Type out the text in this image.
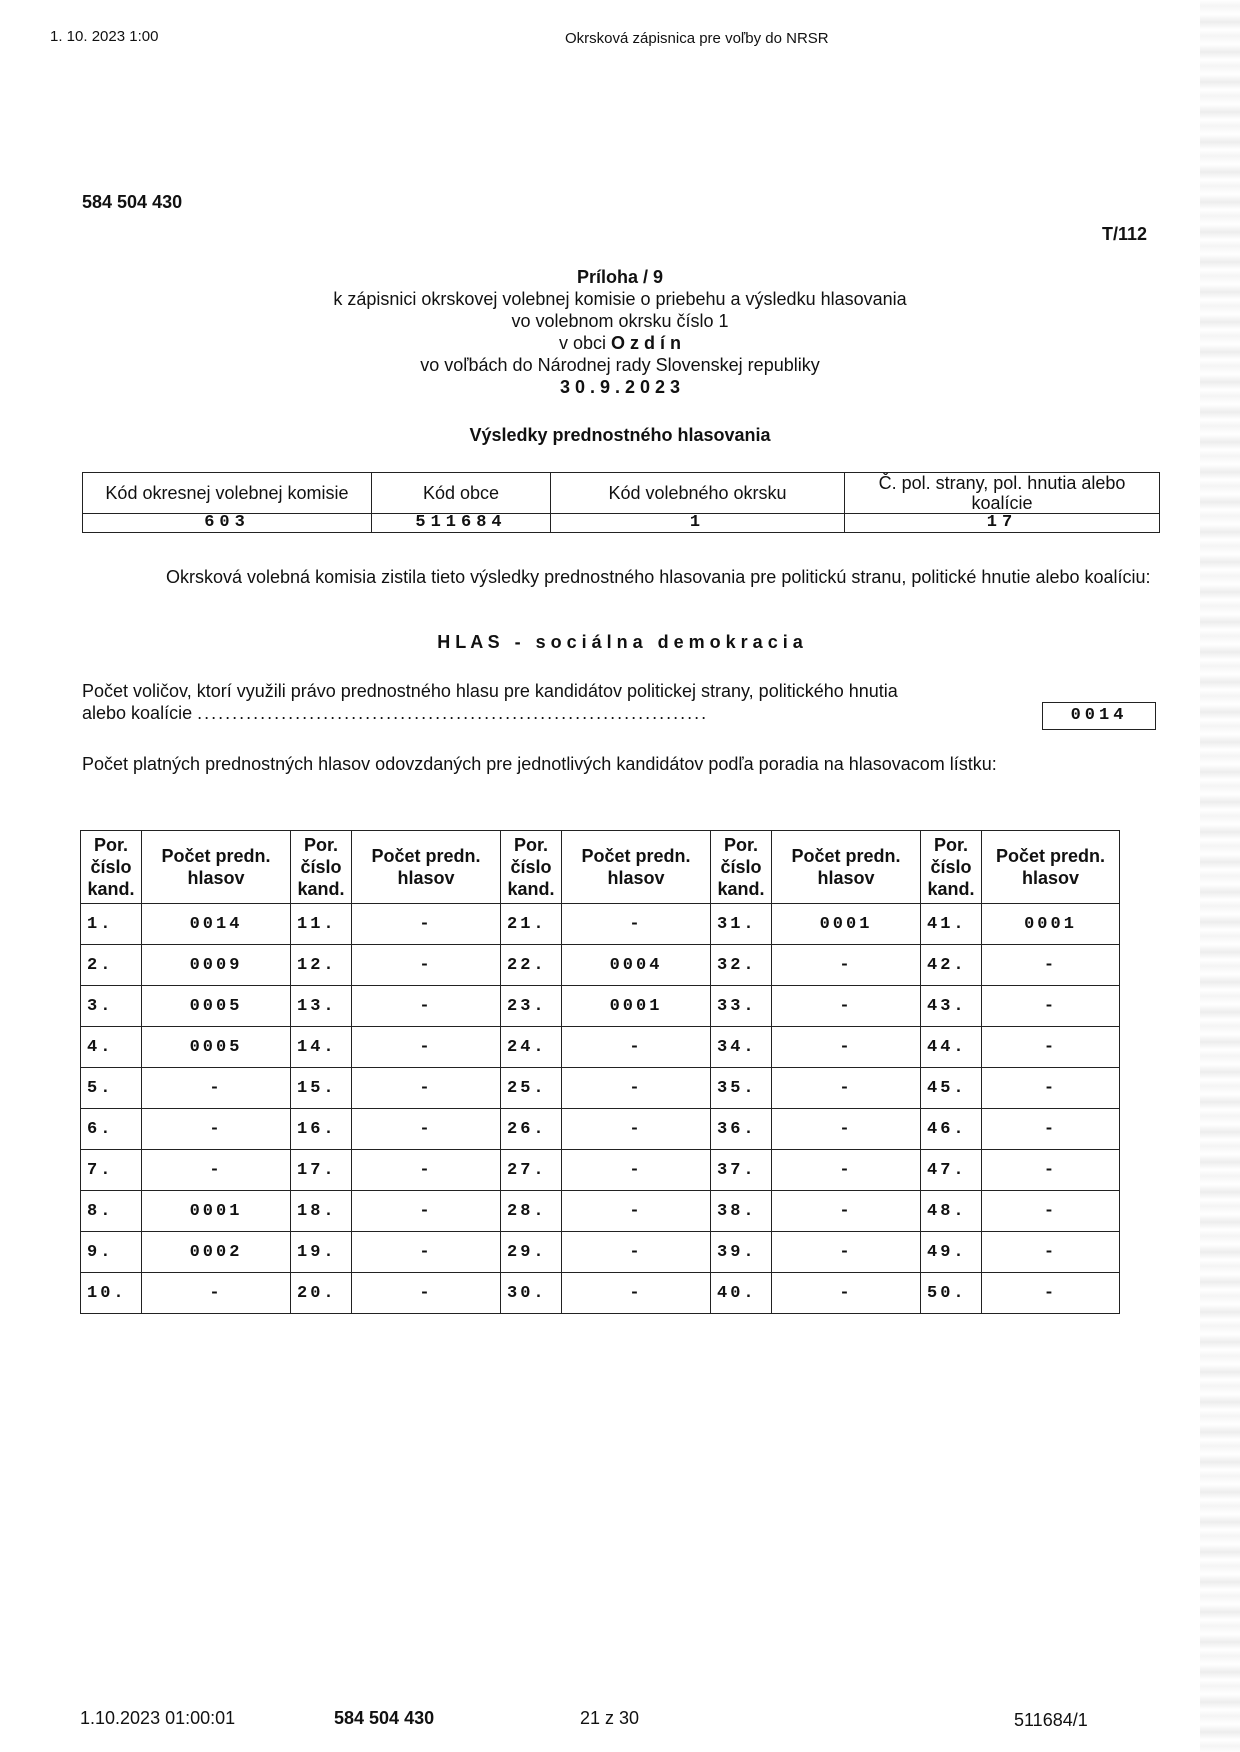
1. 10. 2023 1:00	Okrsková zápisnica pre voľby do NRSR
584 504 430
T/112
Príloha / 9
k zápisnici okrskovej volebnej komisie o priebehu a výsledku hlasovania
vo volebnom okrsku číslo 1
v obci O z d í n
vo voľbách do Národnej rady Slovenskej republiky
3 0 . 9 . 2 0 2 3
Výsledky prednostného hlasovania
Kód okresnej volebnej komisie	Kód obce	Kód volebného okrsku	Č. pol. strany, pol. hnutia alebo koalície
603	511684	1	17
Okrsková volebná komisia zistila tieto výsledky prednostného hlasovania pre politickú stranu, politické hnutie alebo koalíciu:
H L A S   -   s o c i á l n a   d e m o k r a c i a
Počet voličov, ktorí využili právo prednostného hlasu pre kandidátov politickej strany, politického hnutia
alebo koalície .........................................................................	0014
Počet platných prednostných hlasov odovzdaných pre jednotlivých kandidátov podľa poradia na hlasovacom lístku:
Por. číslo kand.	Počet predn. hlasov	Por. číslo kand.	Počet predn. hlasov	Por. číslo kand.	Počet predn. hlasov	Por. číslo kand.	Počet predn. hlasov	Por. číslo kand.	Počet predn. hlasov
1.	0014	11.	-	21.	-	31.	0001	41.	0001
2.	0009	12.	-	22.	0004	32.	-	42.	-
3.	0005	13.	-	23.	0001	33.	-	43.	-
4.	0005	14.	-	24.	-	34.	-	44.	-
5.	-	15.	-	25.	-	35.	-	45.	-
6.	-	16.	-	26.	-	36.	-	46.	-
7.	-	17.	-	27.	-	37.	-	47.	-
8.	0001	18.	-	28.	-	38.	-	48.	-
9.	0002	19.	-	29.	-	39.	-	49.	-
10.	-	20.	-	30.	-	40.	-	50.	-
1.10.2023 01:00:01	584 504 430	21 z 30	511684/1
